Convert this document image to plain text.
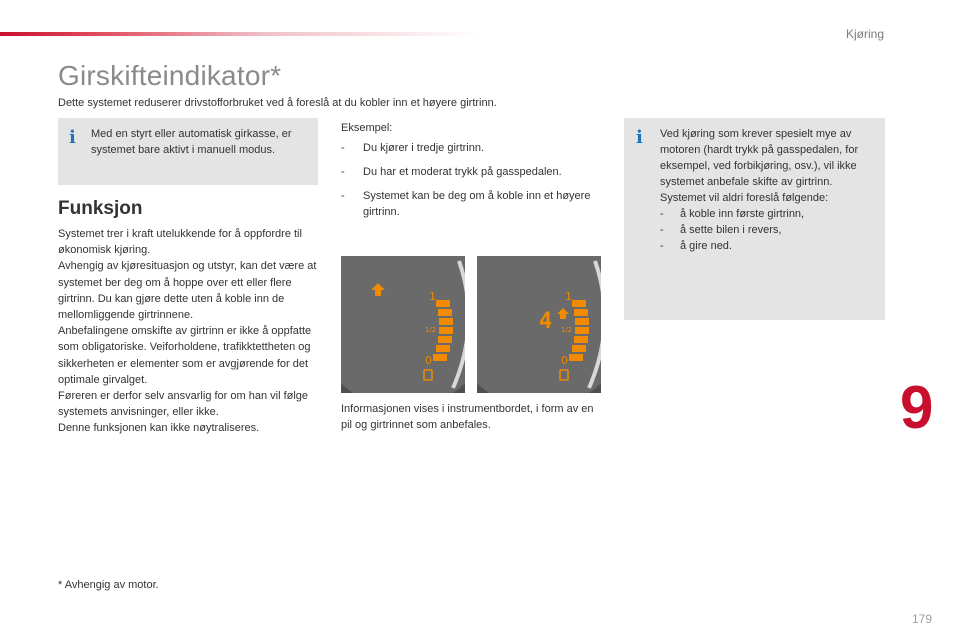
Kjøring
9
179
Girskifteindikator*

Dette systemet reduserer drivstofforbruket ved å foreslå at du kobler inn et høyere girtrinn.

i Med en styrt eller automatisk girkasse, er systemet bare aktivt i manuell modus.

Funksjon

Systemet trer i kraft utelukkende for å oppfordre til økonomisk kjøring.
Avhengig av kjøresituasjon og utstyr, kan det være at systemet ber deg om å hoppe over ett eller flere girtrinn. Du kan gjøre dette uten å koble inn de mellomliggende girtrinnene.
Anbefalingene omskifte av girtrinn er ikke å oppfatte som obligatoriske. Veiforholdene, trafikktettheten og sikkerheten er elementer som er avgjørende for det optimale girvalget.
Føreren er derfor selv ansvarlig for om han vil følge systemets anvisninger, eller ikke.
Denne funksjonen kan ikke nøytraliseres.

Eksempel:

- Du kjører i tredje girtrinn.
- Du har et moderat trykk på gasspedalen.
- Systemet kan be deg om å koble inn et høyere girtrinn.
1
1/2
0
4
1
1/2
0

Informasjonen vises i instrumentbordet, i form av en pil og girtrinnet som anbefales.

i Ved kjøring som krever spesielt mye av motoren (hardt trykk på gasspedalen, for eksempel, ved forbikjøring, osv.), vil ikke systemet anbefale skifte av girtrinn.

Systemet vil aldri foreslå følgende:

- å koble inn første girtrinn,
- å sette bilen i revers,
- å gire ned.

* Avhengig av motor.
